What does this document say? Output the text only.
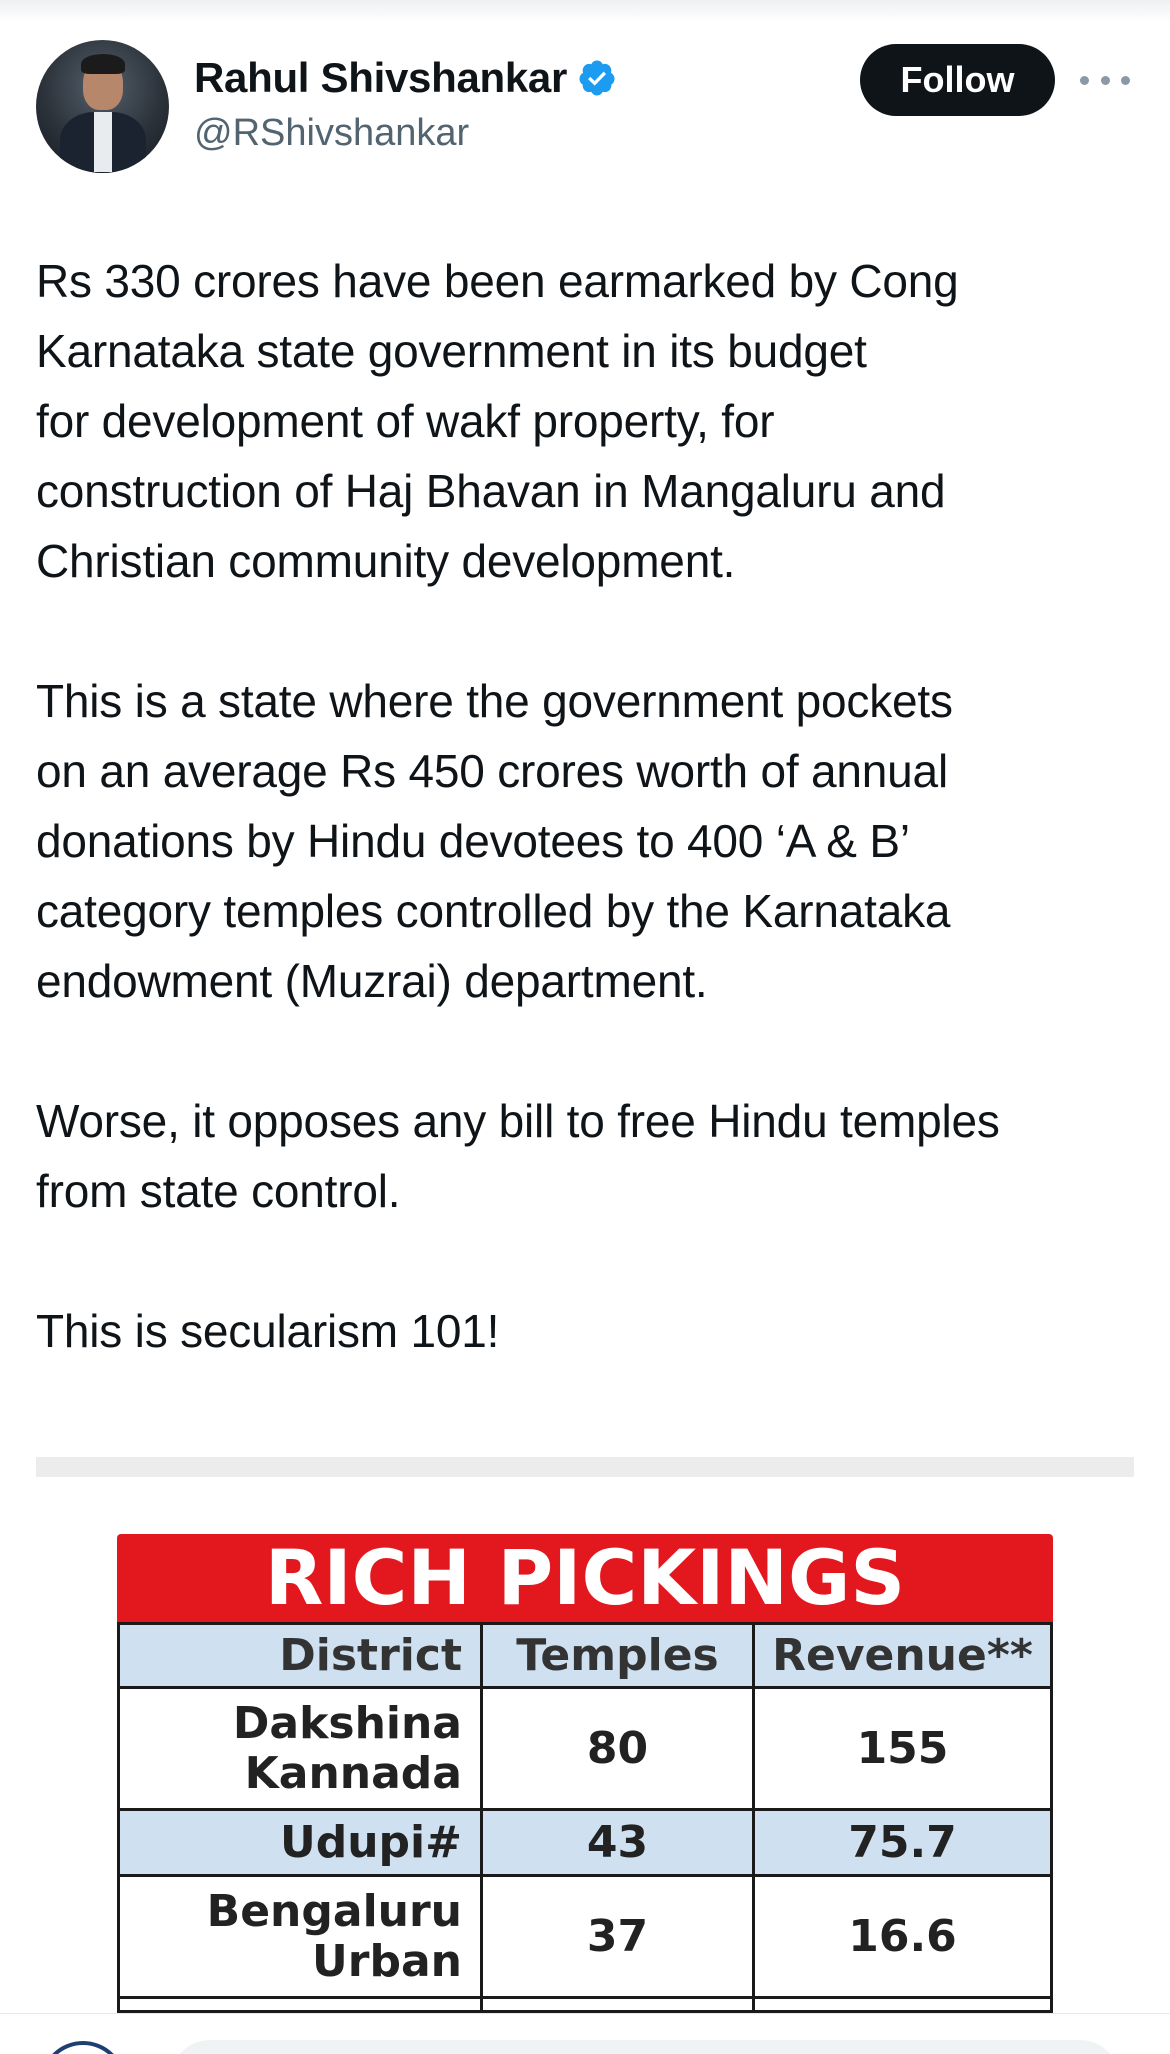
Rahul Shivshankar
@RShivshankar
Follow
Rs 330 crores have been earmarked by Cong
Karnataka state government in its budget
for development of wakf property, for
construction of Haj Bhavan in Mangaluru and
Christian community development.
This is a state where the government pockets
on an average Rs 450 crores worth of annual
donations by Hindu devotees to 400 ‘A & B’
category temples controlled by the Karnataka
endowment (Muzrai) department.
Worse, it opposes any bill to free Hindu temples
from state control.
This is secularism 101!
RICH PICKINGS
District	Temples	Revenue**
Dakshina
Kannada	80	155
Udupi#	43	75.7
Bengaluru
Urban	37	16.6
